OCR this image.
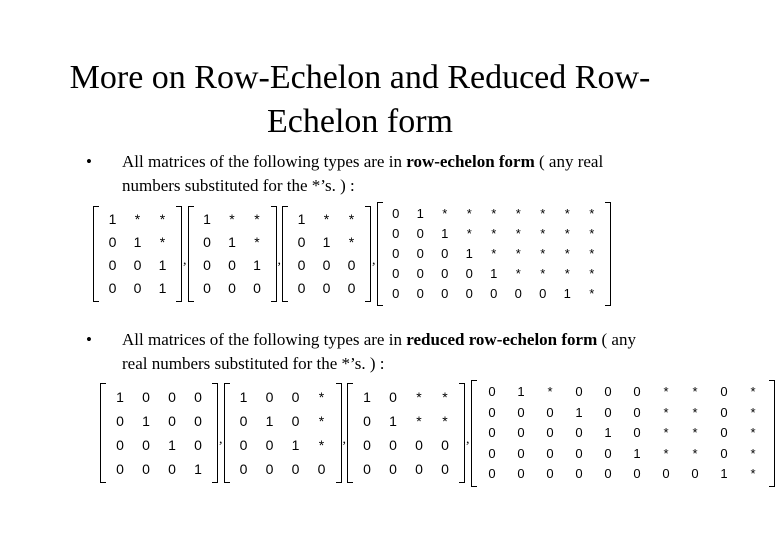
More on Row-Echelon and Reduced Row-Echelon form
•	All matrices of the following types are in row-echelon form ( any real numbers substituted for the *’s. ) :
1	*	*
0	1	*
0	0	1
0	0	1
,
1	*	*
0	1	*
0	0	1
0	0	0
,
1	*	*
0	1	*
0	0	0
0	0	0
,
0	1	*	*	*	*	*	*	*
0	0	1	*	*	*	*	*	*
0	0	0	1	*	*	*	*	*
0	0	0	0	1	*	*	*	*
0	0	0	0	0	0	0	1	*
•	All matrices of the following types are in reduced row-echelon form ( any real numbers substituted for the *’s. ) :
1	0	0	0
0	1	0	0
0	0	1	0
0	0	0	1
,
1	0	0	*
0	1	0	*
0	0	1	*
0	0	0	0
,
1	0	*	*
0	1	*	*
0	0	0	0
0	0	0	0
,
0	1	*	0	0	0	*	*	0	*
0	0	0	1	0	0	*	*	0	*
0	0	0	0	1	0	*	*	0	*
0	0	0	0	0	1	*	*	0	*
0	0	0	0	0	0	0	0	1	*
